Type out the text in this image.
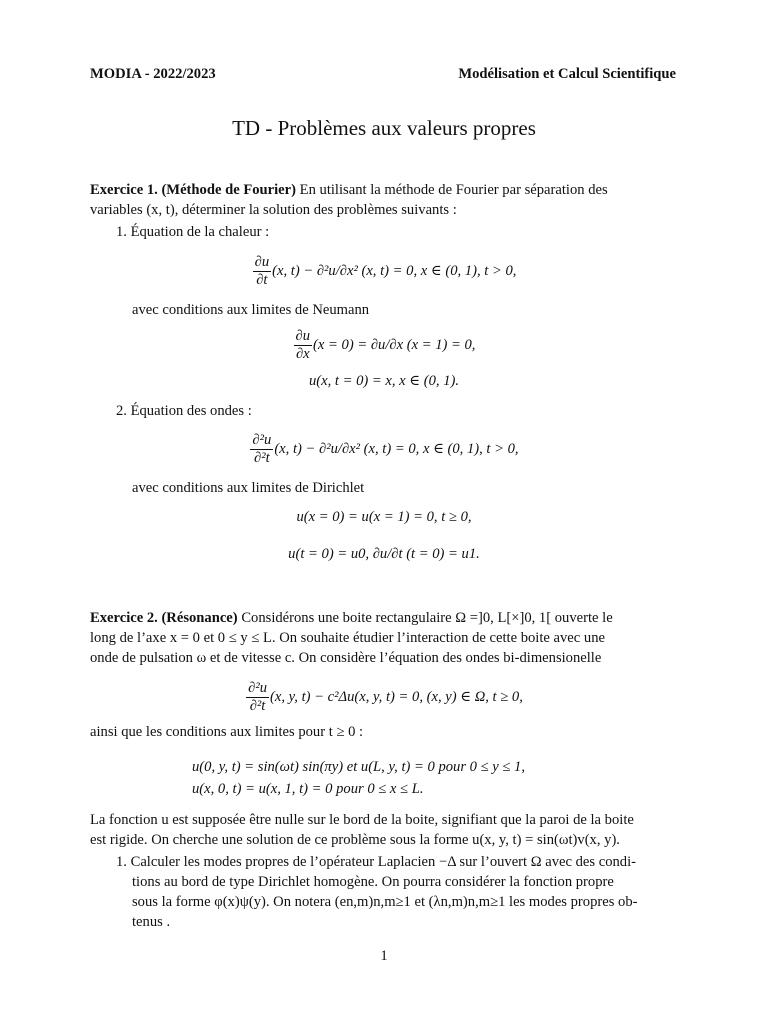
MODIA - 2022/2023	Modélisation et Calcul Scientifique
TD - Problèmes aux valeurs propres
Exercice 1. (Méthode de Fourier) En utilisant la méthode de Fourier par séparation des
variables (x, t), déterminer la solution des problèmes suivants :
1. Équation de la chaleur :
$\frac{\partial u}{\partial t} (x$, t) − ∂²u/∂x² (x, t) = 0, x ∈ (0, 1), t > 0,
avec conditions aux limites de Neumann
$\frac{\partial u}{\partial x} (x = 0) = \partial u/\partial x$ (x = 1) = 0,
u(x, t = 0) = x, x ∈ (0, 1).
2. Équation des ondes :
$\frac{\text{∂²u}}{\text{∂²t}} (x$, t) − ∂²u/∂x² (x, t) = 0, x ∈ (0, 1), t > 0,
avec conditions aux limites de Dirichlet
u(x = 0) = u(x = 1) = 0, t ≥ 0,
u(t = 0) = u0, ∂u/∂t (t = 0) = u1.
Exercice 2. (Résonance) Considérons une boite rectangulaire Ω =]0, L[×]0, 1[ ouverte le
long de l’axe x = 0 et 0 ≤ y ≤ L. On souhaite étudier l’interaction de cette boite avec une
onde de pulsation ω et de vitesse c. On considère l’équation des ondes bi-dimensionelle
$\frac{\text{∂²u}}{\text{∂²t}} (x$, y, t) − c²Δu(x, y, t) = 0, (x, y) ∈ Ω, t ≥ 0,
ainsi que les conditions aux limites pour t ≥ 0 :
u(0, y, t) = sin(ωt) sin(πy) et u(L, y, t) = 0 pour 0 ≤ y ≤ 1,
u(x, 0, t) = u(x, 1, t) = 0 pour 0 ≤ x ≤ L.
La fonction u est supposée être nulle sur le bord de la boite, signifiant que la paroi de la boite
est rigide. On cherche une solution de ce problème sous la forme u(x, y, t) = sin(ωt)v(x, y).
1. Calculer les modes propres de l’opérateur Laplacien −Δ sur l’ouvert Ω avec des condi-
tions au bord de type Dirichlet homogène. On pourra considérer la fonction propre
sous la forme φ(x)ψ(y). On notera (en,m)n,m≥1 et (λn,m)n,m≥1 les modes propres ob-
tenus .
1
